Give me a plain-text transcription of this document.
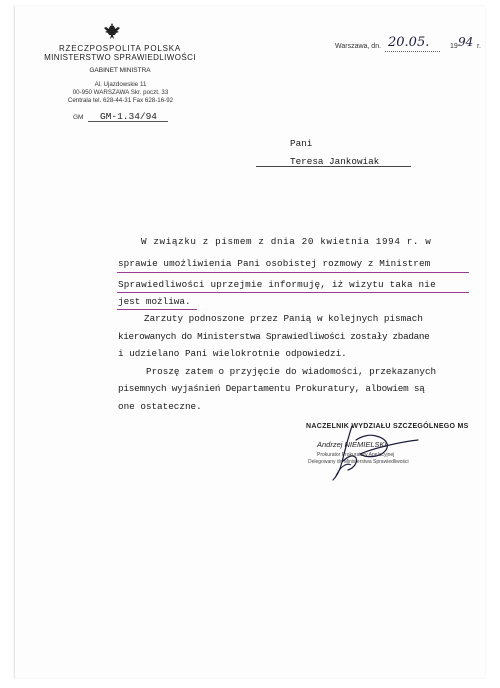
RZECZPOSPOLITA POLSKA
MINISTERSTWO SPRAWIEDLIWOŚCI
GABINET MINISTRA
Al. Ujazdowskie 11
00-950 WARSZAWA Skr. poczt. 33
Centrala tel. 628-44-31 Fax 628-16-92
GM GM-1.34/94
Warszawa, dn. 20.05.	19 94 r.
Pani
Teresa Jankowiak
W związku z pismem z dnia 20 kwietnia 1994 r. w
sprawie umożliwienia Pani osobistej rozmowy z Ministrem
Sprawiedliwości uprzejmie informuję, iż wizytu taka nie
jest możliwa.
Zarzuty podnoszone przez Panią w kolejnych pismach
kierowanych do Ministerstwa Sprawiedliwości zostały zbadane
i udzielano Pani wielokrotnie odpowiedzi.
Proszę zatem o przyjęcie do wiadomości, przekazanych
pisemnych wyjaśnień Departamentu Prokuratury, albowiem są
one ostateczne.
NACZELNIK WYDZIAŁU SZCZEGÓLNEGO MS
Andrzej NIEMIELSKI
Prokurator Prokuratury Apelacyjnej
Delegowany do Ministerstwa Sprawiedliwości
